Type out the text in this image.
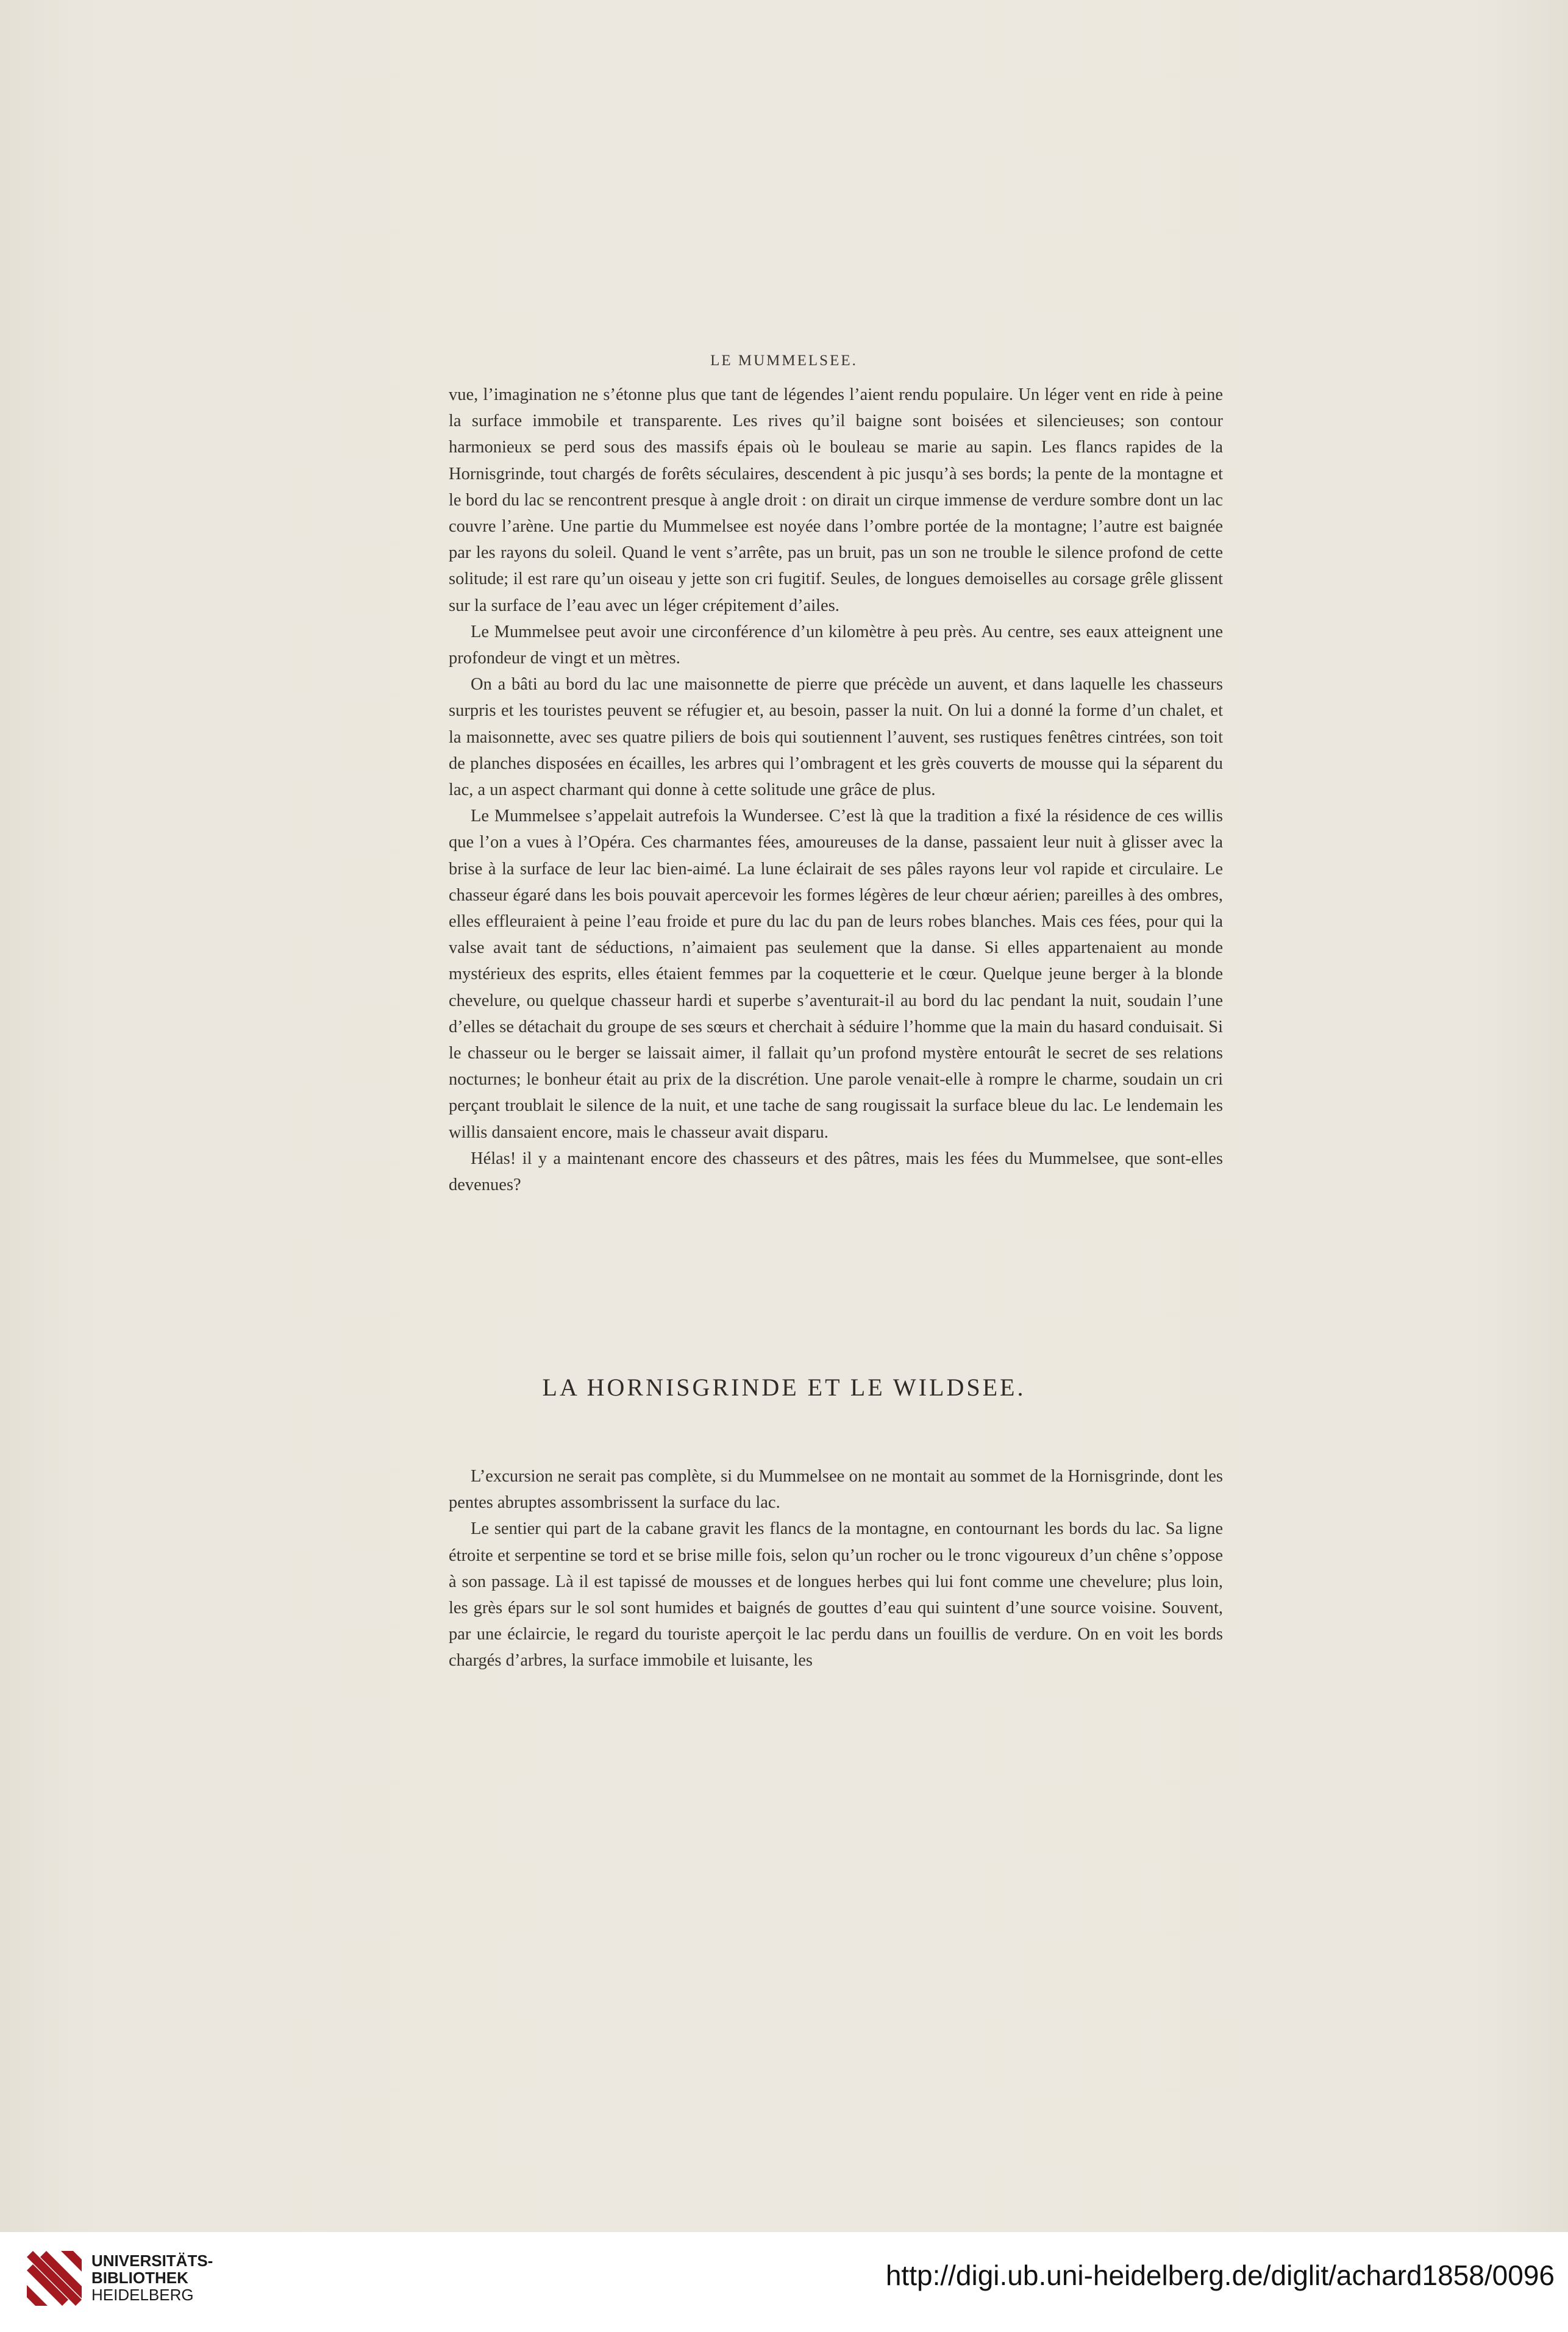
LE MUMMELSEE.

vue, l’imagination ne s’étonne plus que tant de légendes l’aient rendu populaire. Un léger vent en ride à peine la surface immobile et transparente. Les rives qu’il baigne sont boisées et silencieuses; son contour harmonieux se perd sous des massifs épais où le bouleau se marie au sapin. Les flancs rapides de la Hornisgrinde, tout chargés de forêts séculaires, descendent à pic jusqu’à ses bords; la pente de la montagne et le bord du lac se rencontrent presque à angle droit : on dirait un cirque immense de verdure sombre dont un lac couvre l’arène. Une partie du Mummelsee est noyée dans l’ombre portée de la montagne; l’autre est baignée par les rayons du soleil. Quand le vent s’arrête, pas un bruit, pas un son ne trouble le silence profond de cette solitude; il est rare qu’un oiseau y jette son cri fugitif. Seules, de longues demoiselles au corsage grêle glissent sur la surface de l’eau avec un léger crépitement d’ailes.

Le Mummelsee peut avoir une circonférence d’un kilomètre à peu près. Au centre, ses eaux atteignent une profondeur de vingt et un mètres.

On a bâti au bord du lac une maisonnette de pierre que précède un auvent, et dans laquelle les chasseurs surpris et les touristes peuvent se réfugier et, au besoin, passer la nuit. On lui a donné la forme d’un chalet, et la maisonnette, avec ses quatre piliers de bois qui soutiennent l’auvent, ses rustiques fenêtres cintrées, son toit de planches disposées en écailles, les arbres qui l’ombragent et les grès couverts de mousse qui la séparent du lac, a un aspect charmant qui donne à cette solitude une grâce de plus.

Le Mummelsee s’appelait autrefois la Wundersee. C’est là que la tradition a fixé la résidence de ces willis que l’on a vues à l’Opéra. Ces charmantes fées, amoureuses de la danse, passaient leur nuit à glisser avec la brise à la surface de leur lac bien-aimé. La lune éclairait de ses pâles rayons leur vol rapide et circulaire. Le chasseur égaré dans les bois pouvait apercevoir les formes légères de leur chœur aérien; pareilles à des ombres, elles effleuraient à peine l’eau froide et pure du lac du pan de leurs robes blanches. Mais ces fées, pour qui la valse avait tant de séductions, n’aimaient pas seulement que la danse. Si elles appartenaient au monde mystérieux des esprits, elles étaient femmes par la coquetterie et le cœur. Quelque jeune berger à la blonde chevelure, ou quelque chasseur hardi et superbe s’aventurait-il au bord du lac pendant la nuit, soudain l’une d’elles se détachait du groupe de ses sœurs et cherchait à séduire l’homme que la main du hasard conduisait. Si le chasseur ou le berger se laissait aimer, il fallait qu’un profond mystère entourât le secret de ses relations nocturnes; le bonheur était au prix de la discrétion. Une parole venait-elle à rompre le charme, soudain un cri perçant troublait le silence de la nuit, et une tache de sang rougissait la surface bleue du lac. Le lendemain les willis dansaient encore, mais le chasseur avait disparu.

Hélas! il y a maintenant encore des chasseurs et des pâtres, mais les fées du Mummelsee, que sont-elles devenues?

LA HORNISGRINDE ET LE WILDSEE.

L’excursion ne serait pas complète, si du Mummelsee on ne montait au sommet de la Hornisgrinde, dont les pentes abruptes assombrissent la surface du lac.

Le sentier qui part de la cabane gravit les flancs de la montagne, en contournant les bords du lac. Sa ligne étroite et serpentine se tord et se brise mille fois, selon qu’un rocher ou le tronc vigoureux d’un chêne s’oppose à son passage. Là il est tapissé de mousses et de longues herbes qui lui font comme une chevelure; plus loin, les grès épars sur le sol sont humides et baignés de gouttes d’eau qui suintent d’une source voisine. Souvent, par une éclaircie, le regard du touriste aperçoit le lac perdu dans un fouillis de verdure. On en voit les bords chargés d’arbres, la surface immobile et luisante, les

UNIVERSITÄTS-
BIBLIOTHEK
HEIDELBERG
http://digi.ub.uni-heidelberg.de/diglit/achard1858/0096
